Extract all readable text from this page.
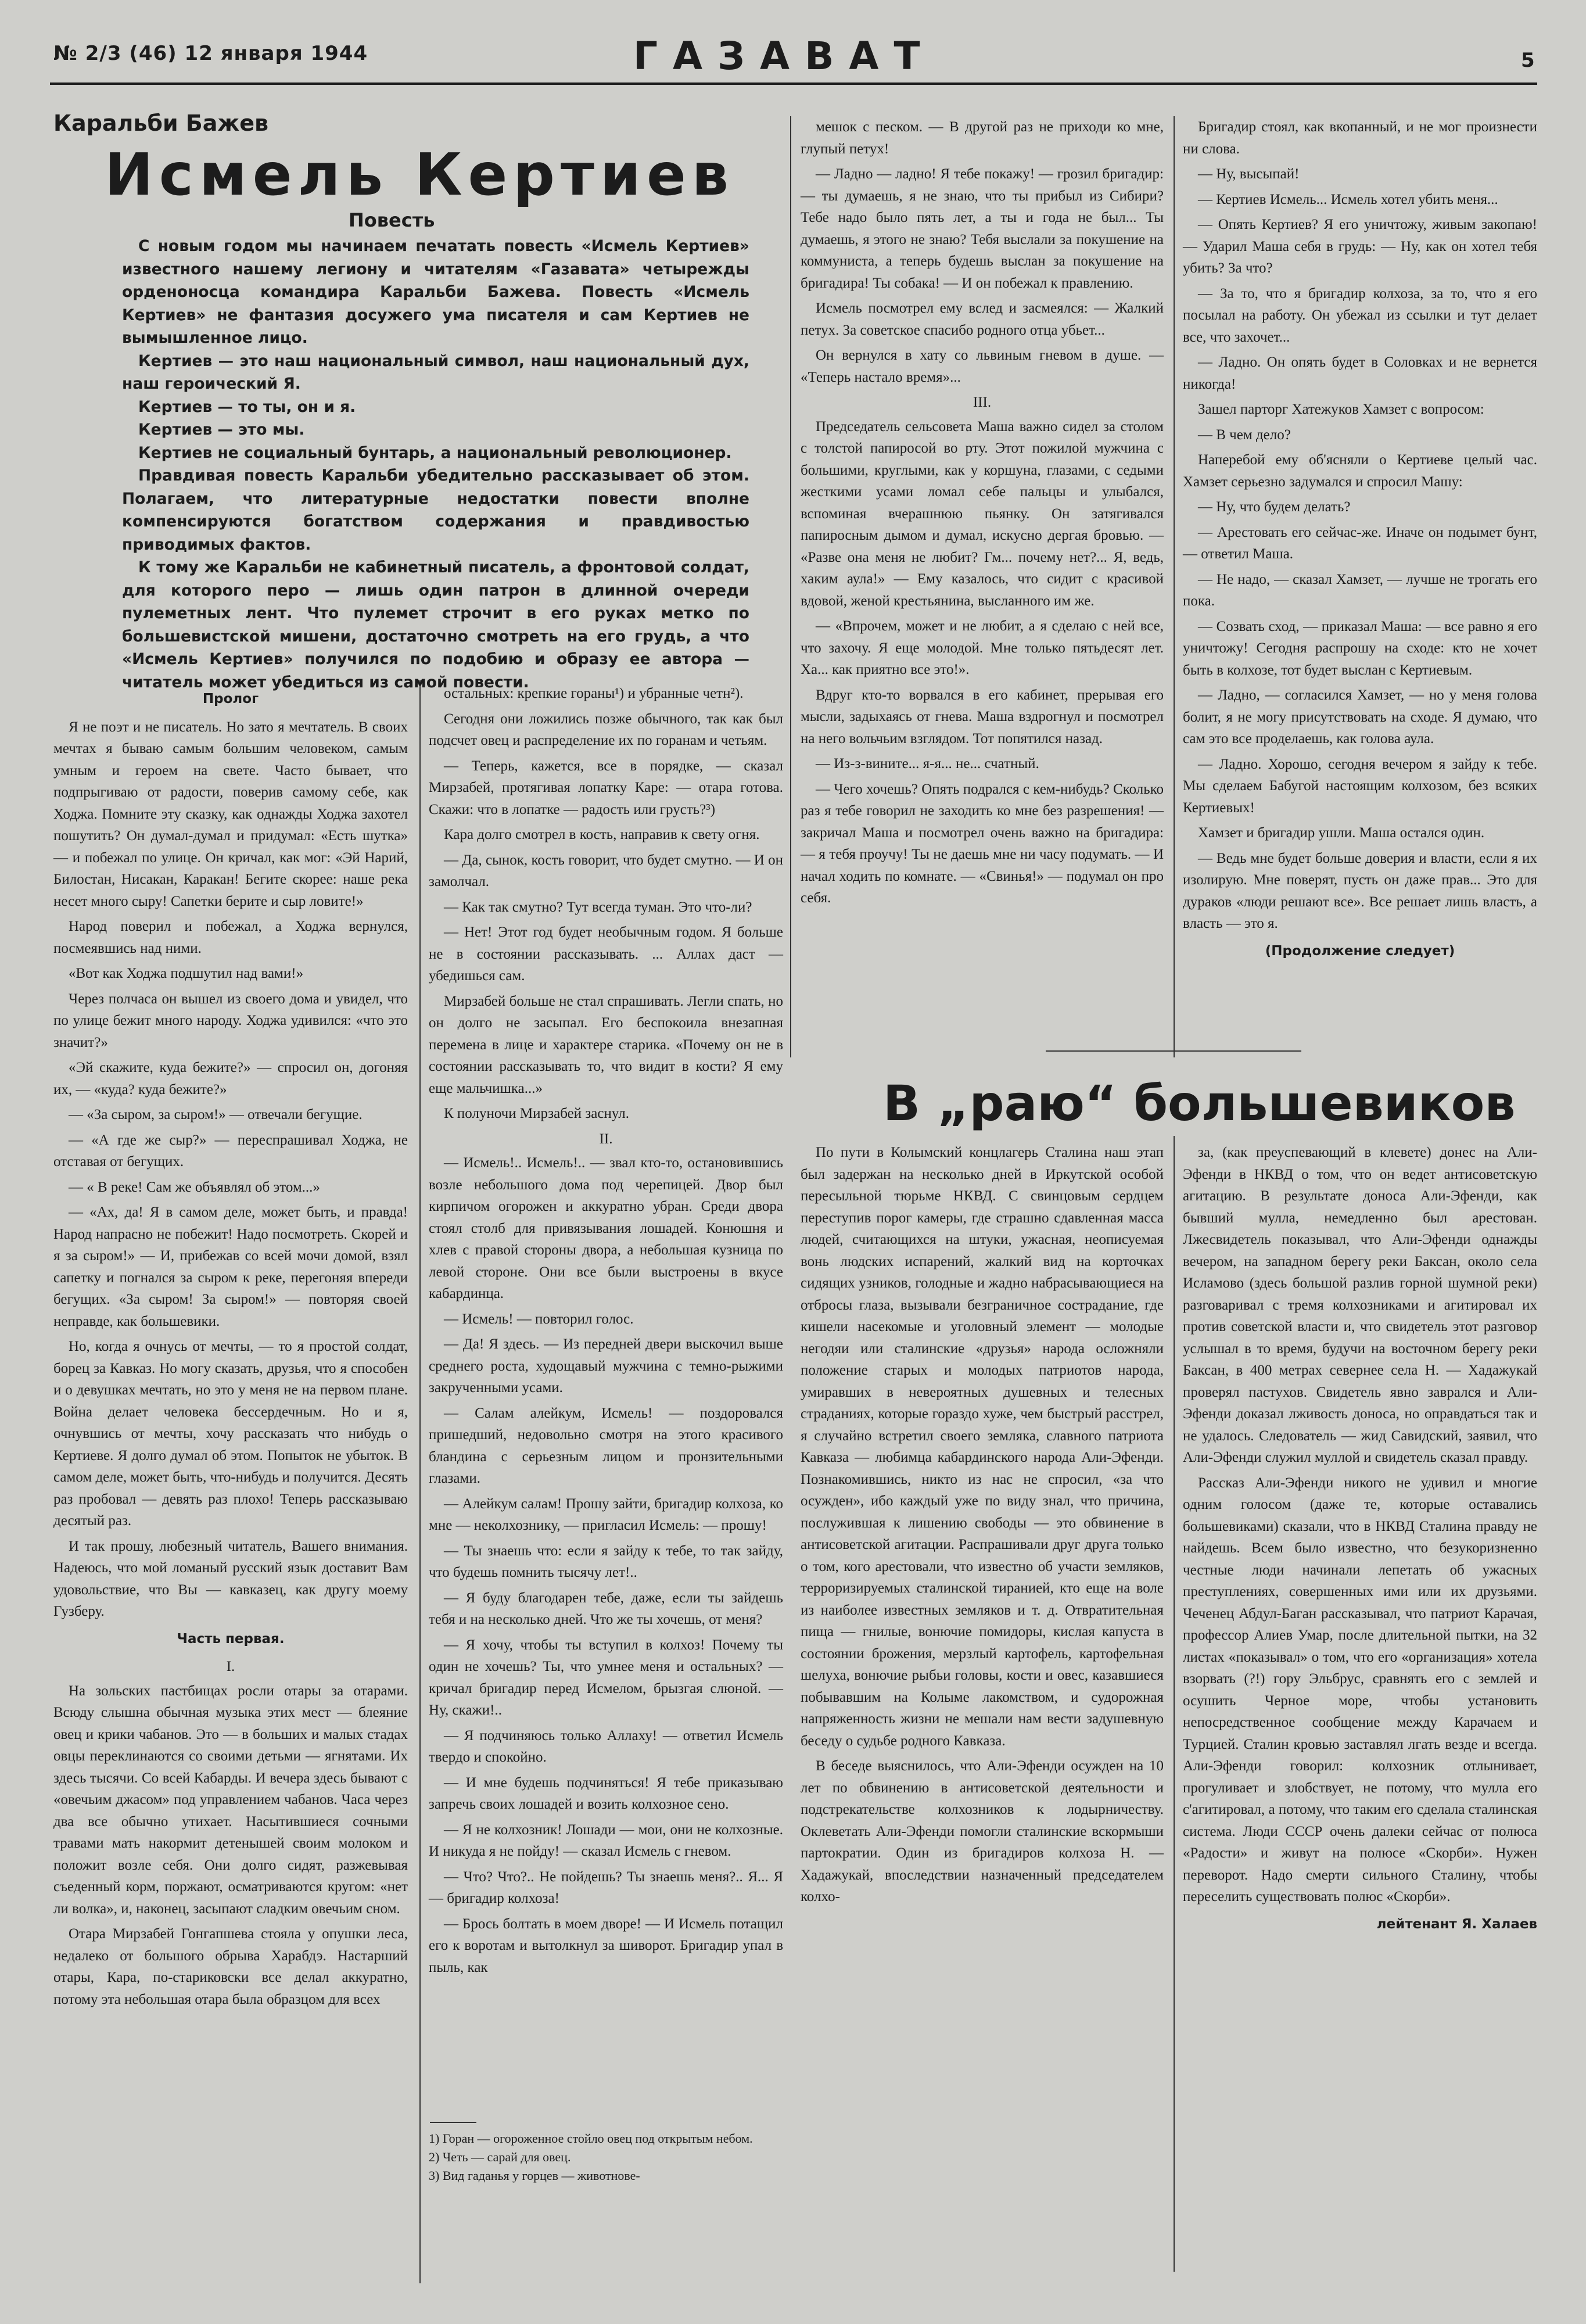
№ 2/3 (46) 12 января 1944	ГАЗАВАТ	5
Каральби Бажев
Исмель Кертиев
Повесть

С новым годом мы начинаем печатать повесть «Исмель Кертиев» известного нашему легиону и читателям «Газавата» четырежды орденоносца командира Каральби Бажева. Повесть «Исмель Кертиев» не фантазия досужего ума писателя и сам Кертиев не вымышленное лицо.

Кертиев — это наш национальный символ, наш национальный дух, наш героический Я.

Кертиев — то ты, он и я.

Кертиев — это мы.

Кертиев не социальный бунтарь, а национальный революционер.

Правдивая повесть Каральби убедительно рассказывает об этом. Полагаем, что литературные недостатки повести вполне компенсируются богатством содержания и правдивостью приводимых фактов.

К тому же Каральби не кабинетный писатель, а фронтовой солдат, для которого перо — лишь один патрон в длинной очереди пулеметных лент. Что пулемет строчит в его руках метко по большевистской мишени, достаточно смотреть на его грудь, а что «Исмель Кертиев» получился по подобию и образу ее автора — читатель может убедиться из самой повести.

Пролог

Я не поэт и не писатель. Но зато я мечтатель. В своих мечтах я бываю самым большим человеком, самым умным и героем на свете. Часто бывает, что подпрыгиваю от радости, поверив самому себе, как Ходжа. Помните эту сказку, как однажды Ходжа захотел пошутить? Он думал-думал и придумал: «Есть шутка» — и побежал по улице. Он кричал, как мог: «Эй Нарий, Билостан, Нисакан, Каракан! Бегите скорее: наше река несет много сыру! Сапетки берите и сыр ловите!»

Народ поверил и побежал, а Ходжа вернулся, посмеявшись над ними.

«Вот как Ходжа подшутил над вами!»

Через полчаса он вышел из своего дома и увидел, что по улице бежит много народу. Ходжа удивился: «что это значит?»

«Эй скажите, куда бежите?» — спросил он, догоняя их, — «куда? куда бежите?»

— «За сыром, за сыром!» — отвечали бегущие.

— «А где же сыр?» — переспрашивал Ходжа, не отставая от бегущих.

— « В реке! Сам же объявлял об этом...»

— «Ах, да! Я в самом деле, может быть, и правда! Народ напрасно не побежит! Надо посмотреть. Скорей и я за сыром!» — И, прибежав со всей мочи домой, взял сапетку и погнался за сыром к реке, перегоняя впереди бегущих. «За сыром! За сыром!» — повторяя своей неправде, как большевики.

Но, когда я очнусь от мечты, — то я простой солдат, борец за Кавказ. Но могу сказать, друзья, что я способен и о девушках мечтать, но это у меня не на первом плане. Война делает человека бессердечным. Но и я, очнувшись от мечты, хочу рассказать что нибудь о Кертиеве. Я долго думал об этом. Попыток не убыток. В самом деле, может быть, что-нибудь и получится. Десять раз пробовал — девять раз плохо! Теперь рассказываю десятый раз.

И так прошу, любезный читатель, Вашего внимания. Надеюсь, что мой ломаный русский язык доставит Вам удовольствие, что Вы — кавказец, как другу моему Гузберу.

Часть первая.

I.

На зольских пастбищах росли отары за отарами. Всюду слышна обычная музыка этих мест — блеяние овец и крики чабанов. Это — в больших и малых стадах овцы переклинаются со своими детьми — ягнятами. Их здесь тысячи. Со всей Кабарды. И вечера здесь бывают с «овечьим джасом» под управлением чабанов. Часа через два все обычно утихает. Насытившиеся сочными травами мать накормит детенышей своим молоком и положит возле себя. Они долго сидят, разжевывая съеденный корм, поржают, осматриваются кругом: «нет ли волка», и, наконец, засыпают сладким овечьим сном.

Отара Мирзабей Гонгапшева стояла у опушки леса, недалеко от большого обрыва Харабдэ. Настарший отары, Кара, по-стариковски все делал аккуратно, потому эта небольшая отара была образцом для всех

остальных: крепкие гораны¹) и убранные четн²).

Сегодня они ложились позже обычного, так как был подсчет овец и распределение их по горанам и четьям.

— Теперь, кажется, все в порядке, — сказал Мирзабей, протягивая лопатку Каре: — отара готова. Скажи: что в лопатке — радость или грусть?³)

Кара долго смотрел в кость, направив к свету огня.

— Да, сынок, кость говорит, что будет смутно. — И он замолчал.

— Как так смутно? Тут всегда туман. Это что-ли?

— Нет! Этот год будет необычным годом. Я больше не в состоянии рассказывать. ... Аллах даст — убедишься сам.

Мирзабей больше не стал спрашивать. Легли спать, но он долго не засыпал. Его беспокоила внезапная перемена в лице и характере старика. «Почему он не в состоянии рассказывать то, что видит в кости? Я ему еще мальчишка...»

К полуночи Мирзабей заснул.

II.

— Исмель!.. Исмель!.. — звал кто-то, остановившись возле небольшого дома под черепицей. Двор был кирпичом огорожен и аккуратно убран. Среди двора стоял столб для привязывания лошадей. Конюшня и хлев с правой стороны двора, а небольшая кузница по левой стороне. Они все были выстроены в вкусе кабардинца.

— Исмель! — повторил голос.

— Да! Я здесь. — Из передней двери выскочил выше среднего роста, худощавый мужчина с темно-рыжими закрученными усами.

— Салам алейкум, Исмель! — поздоровался пришедший, недовольно смотря на этого красивого бландина с серьезным лицом и пронзительными глазами.

— Алейкум салам! Прошу зайти, бригадир колхоза, ко мне — неколхознику, — пригласил Исмель: — прошу!

— Ты знаешь что: если я зайду к тебе, то так зайду, что будешь помнить тысячу лет!..

— Я буду благодарен тебе, даже, если ты зайдешь тебя и на несколько дней. Что же ты хочешь, от меня?

— Я хочу, чтобы ты вступил в колхоз! Почему ты один не хочешь? Ты, что умнее меня и остальных? — кричал бригадир перед Исмелом, брызгая слюной. — Ну, скажи!..

— Я подчиняюсь только Аллаху! — ответил Исмель твердо и спокойно.

— И мне будешь подчиняться! Я тебе приказываю запречь своих лошадей и возить колхозное сено.

— Я не колхозник! Лошади — мои, они не колхозные. И никуда я не пойду! — сказал Исмель с гневом.

— Что? Что?.. Не пойдешь? Ты знаешь меня?.. Я... Я — бригадир колхоза!

— Брось болтать в моем дворе! — И Исмель потащил его к воротам и вытолкнул за шиворот. Бригадир упал в пыль, как

1) Горан — огороженное стойло овец под открытым небом.
2) Четь — сарай для овец.
3) Вид гаданья у горцев — животнове-

мешок с песком. — В другой раз не приходи ко мне, глупый петух!

— Ладно — ладно! Я тебе покажу! — грозил бригадир: — ты думаешь, я не знаю, что ты прибыл из Сибири? Тебе надо было пять лет, а ты и года не был... Ты думаешь, я этого не знаю? Тебя выслали за покушение на коммуниста, а теперь будешь выслан за покушение на бригадира! Ты собака! — И он побежал к правлению.

Исмель посмотрел ему вслед и засмеялся: — Жалкий петух. За советское спасибо родного отца убьет...

Он вернулся в хату со львиным гневом в душе. — «Теперь настало время»...

III.

Председатель сельсовета Маша важно сидел за столом с толстой папиросой во рту. Этот пожилой мужчина с большими, круглыми, как у коршуна, глазами, с седыми жесткими усами ломал себе пальцы и улыбался, вспоминая вчерашнюю пьянку. Он затягивался папиросным дымом и думал, искусно дергая бровью. — «Разве она меня не любит? Гм... почему нет?... Я, ведь, хаким аула!» — Ему казалось, что сидит с красивой вдовой, женой крестьянина, высланного им же.

— «Впрочем, может и не любит, а я сделаю с ней все, что захочу. Я еще молодой. Мне только пятьдесят лет. Ха... как приятно все это!».

Вдруг кто-то ворвался в его кабинет, прерывая его мысли, задыхаясь от гнева. Маша вздрогнул и посмотрел на него вольчьим взглядом. Тот попятился назад.

— Из-з-вините... я-я... не... счатный.

— Чего хочешь? Опять подрался с кем-нибудь? Сколько раз я тебе говорил не заходить ко мне без разрешения! — закричал Маша и посмотрел очень важно на бригадира: — я тебя проучу! Ты не даешь мне ни часу подумать. — И начал ходить по комнате. — «Свинья!» — подумал он про себя.

Бригадир стоял, как вкопанный, и не мог произнести ни слова.

— Ну, высыпай!

— Кертиев Исмель... Исмель хотел убить меня...

— Опять Кертиев? Я его уничтожу, живым закопаю! — Ударил Маша себя в грудь: — Ну, как он хотел тебя убить? За что?

— За то, что я бригадир колхоза, за то, что я его посылал на работу. Он убежал из ссылки и тут делает все, что захочет...

— Ладно. Он опять будет в Соловках и не вернется никогда!

Зашел парторг Хатежуков Хамзет с вопросом:

— В чем дело?

Наперебой ему об'ясняли о Кертиеве целый час. Хамзет серьезно задумался и спросил Машу:

— Ну, что будем делать?

— Арестовать его сейчас-же. Иначе он подымет бунт, — ответил Маша.

— Не надо, — сказал Хамзет, — лучше не трогать его пока.

— Созвать сход, — приказал Маша: — все равно я его уничтожу! Сегодня распрошу на сходе: кто не хочет быть в колхозе, тот будет выслан с Кертиевым.

— Ладно, — согласился Хамзет, — но у меня голова болит, я не могу присутствовать на сходе. Я думаю, что сам это все проделаешь, как голова аула.

— Ладно. Хорошо, сегодня вечером я зайду к тебе. Мы сделаем Бабугой настоящим колхозом, без всяких Кертиевых!

Хамзет и бригадир ушли. Маша остался один.

— Ведь мне будет больше доверия и власти, если я их изолирую. Мне поверят, пусть он даже прав... Это для дураков «люди решают все». Все решает лишь власть, а власть — это я.

(Продолжение следует)

В „раю“ большевиков

По пути в Колымский концлагерь Сталина наш этап был задержан на несколько дней в Иркутской особой пересыльной тюрьме НКВД. С свинцовым сердцем переступив порог камеры, где страшно сдавленная масса людей, считающихся на штуки, ужасная, неописуемая вонь людских испарений, жалкий вид на корточках сидящих узников, голодные и жадно набрасывающиеся на отбросы глаза, вызывали безграничное сострадание, где кишели насекомые и уголовный элемент — молодые негодяи или сталинские «друзья» народа осложняли положение старых и молодых патриотов народа, умиравших в невероятных душевных и телесных страданиях, которые гораздо хуже, чем быстрый расстрел, я случайно встретил своего земляка, славного патриота Кавказа — любимца кабардинского народа Али-Эфенди. Познакомившись, никто из нас не спросил, «за что осужден», ибо каждый уже по виду знал, что причина, послужившая к лишению свободы — это обвинение в антисоветской агитации. Распрашивали друг друга только о том, кого арестовали, что известно об участи земляков, терроризируемых сталинской тиранией, кто еще на воле из наиболее известных земляков и т. д. Отвратительная пища — гнилые, вонючие помидоры, кислая капуста в состоянии брожения, мерзлый картофель, картофельная шелуха, вонючие рыбьи головы, кости и овес, казавшиеся побывавшим на Колыме лакомством, и судорожная напряженность жизни не мешали нам вести задушевную беседу о судьбе родного Кавказа.

В беседе выяснилось, что Али-Эфенди осужден на 10 лет по обвинению в антисоветской деятельности и подстрекательстве колхозников к лодырничеству. Оклеветать Али-Эфенди помогли сталинские вскормыши партократии. Один из бригадиров колхоза Н. — Хадажукай, впоследствии назначенный председателем колхо-

за, (как преуспевающий в клевете) донес на Али-Эфенди в НКВД о том, что он ведет антисоветскую агитацию. В результате доноса Али-Эфенди, как бывший мулла, немедленно был арестован. Лжесвидетель показывал, что Али-Эфенди однажды вечером, на западном берегу реки Баксан, около села Исламово (здесь большой разлив горной шумной реки) разговаривал с тремя колхозниками и агитировал их против советской власти и, что свидетель этот разговор услышал в то время, будучи на восточном берегу реки Баксан, в 400 метрах севернее села Н. — Хадажукай проверял пастухов. Свидетель явно заврался и Али-Эфенди доказал лживость доноса, но оправдаться так и не удалось. Следователь — жид Савидский, заявил, что Али-Эфенди служил муллой и свидетель сказал правду.

Рассказ Али-Эфенди никого не удивил и многие одним голосом (даже те, которые оставались большевиками) сказали, что в НКВД Сталина правду не найдешь. Всем было известно, что безукоризненно честные люди начинали лепетать об ужасных преступлениях, совершенных ими или их друзьями. Чеченец Абдул-Баган рассказывал, что патриот Карачая, профессор Алиев Умар, после длительной пытки, на 32 листах «показывал» о том, что его «организация» хотела взорвать (?!) гору Эльбрус, сравнять его с землей и осушить Черное море, чтобы установить непосредственное сообщение между Карачаем и Турцией. Сталин кровью заставлял лгать везде и всегда. Али-Эфенди говорил: колхозник отлынивает, прогуливает и злобствует, не потому, что мулла его с'агитировал, а потому, что таким его сделала сталинская система. Люди СССР очень далеки сейчас от полюса «Радости» и живут на полюсе «Скорби». Нужен переворот. Надо смерти сильного Сталину, чтобы переселить существовать полюс «Скорби».

лейтенант Я. Халаев
